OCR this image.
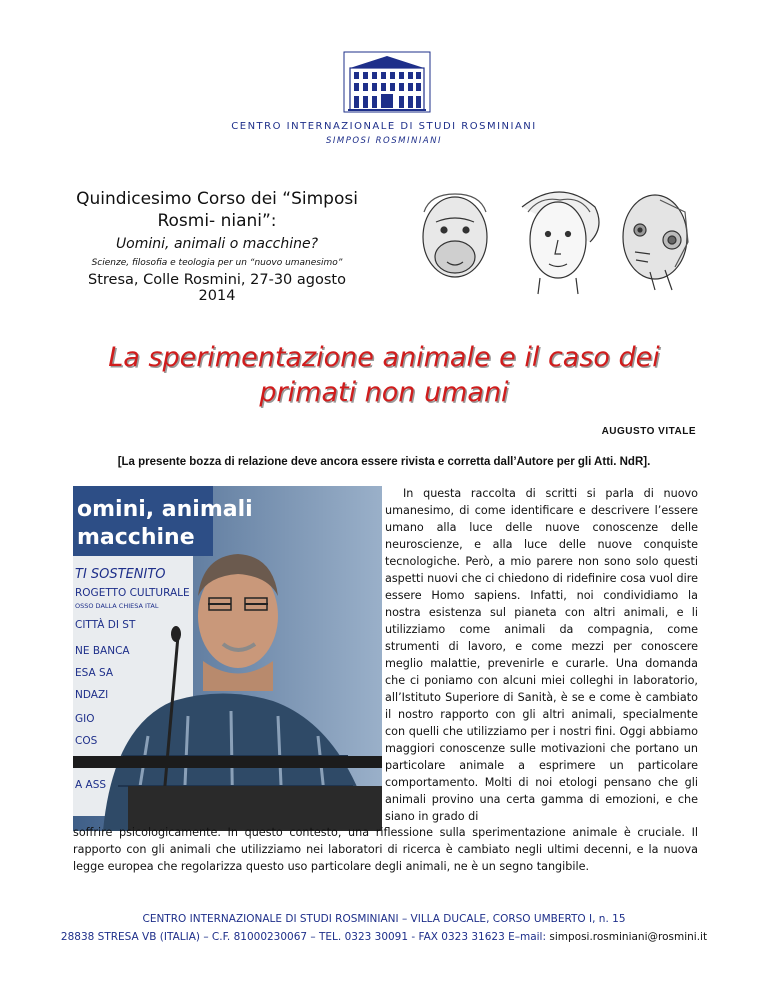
CENTRO INTERNAZIONALE DI STUDI ROSMINIANI
SIMPOSI ROSMINIANI
Quindicesimo Corso dei “Simposi Rosmi- niani”:
Uomini, animali o macchine?
Scienze, filosofia e teologia per un “nuovo umanesimo”
Stresa, Colle Rosmini, 27-30 agosto 2014
La sperimentazione animale e il caso dei primati non umani
AUGUSTO VITALE
[La presente bozza di relazione deve ancora essere rivista e corretta dall’Autore per gli Atti. NdR].
omini, animali
macchine
TI SOSTENITO
ROGETTO CULTURALE
OSSO DALLA CHIESA ITAL
CITTÀ DI ST
NE BANCA
ESA SA
NDAZI
GIO
COS
A ASS

In questa raccolta di scritti si parla di nuovo umanesimo, di come identificare e descrivere l’essere umano alla luce delle nuove conoscenze delle neuroscienze, e alla luce delle nuove conquiste tecnologiche. Però, a mio parere non sono solo questi aspetti nuovi che ci chiedono di ridefinire cosa vuol dire essere Homo sapiens. Infatti, noi condividiamo la nostra esistenza sul pianeta con altri animali, e li utilizziamo come animali da compagnia, come strumenti di lavoro, e come mezzi per conoscere meglio malattie, prevenirle e curarle. Una domanda che ci poniamo con alcuni miei colleghi in laboratorio, all’Istituto Superiore di Sanità, è se e come è cambiato il nostro rapporto con gli altri animali, specialmente con quelli che utilizziamo per i nostri fini. Oggi abbiamo maggiori conoscenze sulle motivazioni che portano un particolare animale a esprimere un particolare comportamento. Molti di noi etologi pensano che gli animali provino una certa gamma di emozioni, e che siano in grado di

soffrire psicologicamente. In questo contesto, una riflessione sulla sperimentazione animale è cruciale. Il rapporto con gli animali che utilizziamo nei laboratori di ricerca è cambiato negli ultimi decenni, e la nuova legge europea che regolarizza questo uso particolare degli animali, ne è un segno tangibile.

CENTRO INTERNAZIONALE DI STUDI ROSMINIANI – VILLA DUCALE, CORSO UMBERTO I, n. 15
28838 STRESA VB (ITALIA) – C.F. 81000230067 – TEL. 0323 30091 - FAX 0323 31623 E–mail: simposi.rosminiani@rosmini.it
